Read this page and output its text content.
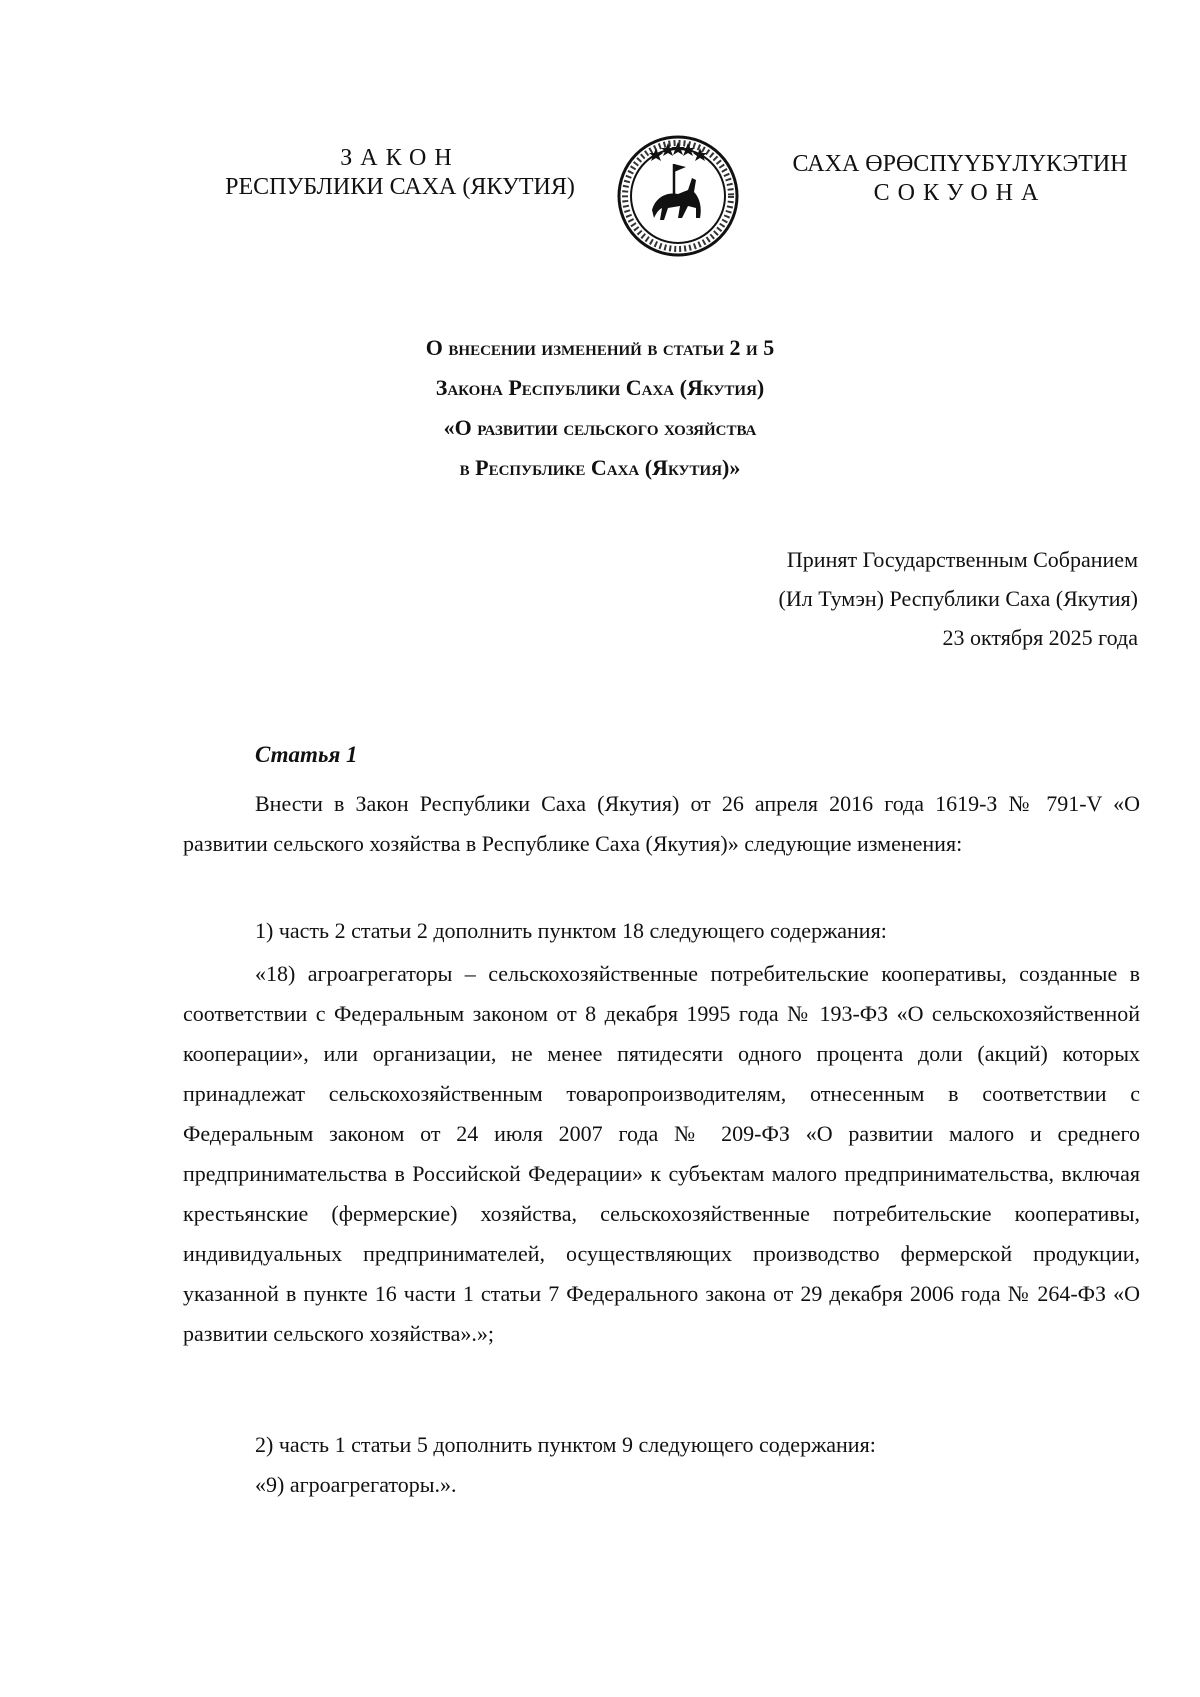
ЗАКОН
РЕСПУБЛИКИ САХА (ЯКУТИЯ)
САХА ӨРӨСПҮҮБҮЛҮКЭТИН
СОКУОНА
О внесении изменений в статьи 2 и 5
Закона Республики Саха (Якутия)
«О развитии сельского хозяйства
в Республике Саха (Якутия)»
Принят Государственным Собранием
(Ил Тумэн) Республики Саха (Якутия)
23 октября 2025 года
Статья 1
Внести в Закон Республики Саха (Якутия) от 26 апреля 2016 года 1619-З № 791-V «О развитии сельского хозяйства в Республике Саха (Якутия)» следующие изменения:
1) часть 2 статьи 2 дополнить пунктом 18 следующего содержания:
«18) агроагрегаторы – сельскохозяйственные потребительские кооперативы, созданные в соответствии с Федеральным законом от 8 декабря 1995 года № 193-ФЗ «О сельскохозяйственной кооперации», или организации, не менее пятидесяти одного процента доли (акций) которых принадлежат сельскохозяйственным товаропроизводителям, отнесенным в соответствии с Федеральным законом от 24 июля 2007 года № 209-ФЗ «О развитии малого и среднего предпринимательства в Российской Федерации» к субъектам малого предпринимательства, включая крестьянские (фермерские) хозяйства, сельскохозяйственные потребительские кооперативы, индивидуальных предпринимателей, осуществляющих производство фермерской продукции, указанной в пункте 16 части 1 статьи 7 Федерального закона от 29 декабря 2006 года № 264-ФЗ «О развитии сельского хозяйства».»;
2) часть 1 статьи 5 дополнить пунктом 9 следующего содержания:
«9) агроагрегаторы.».
